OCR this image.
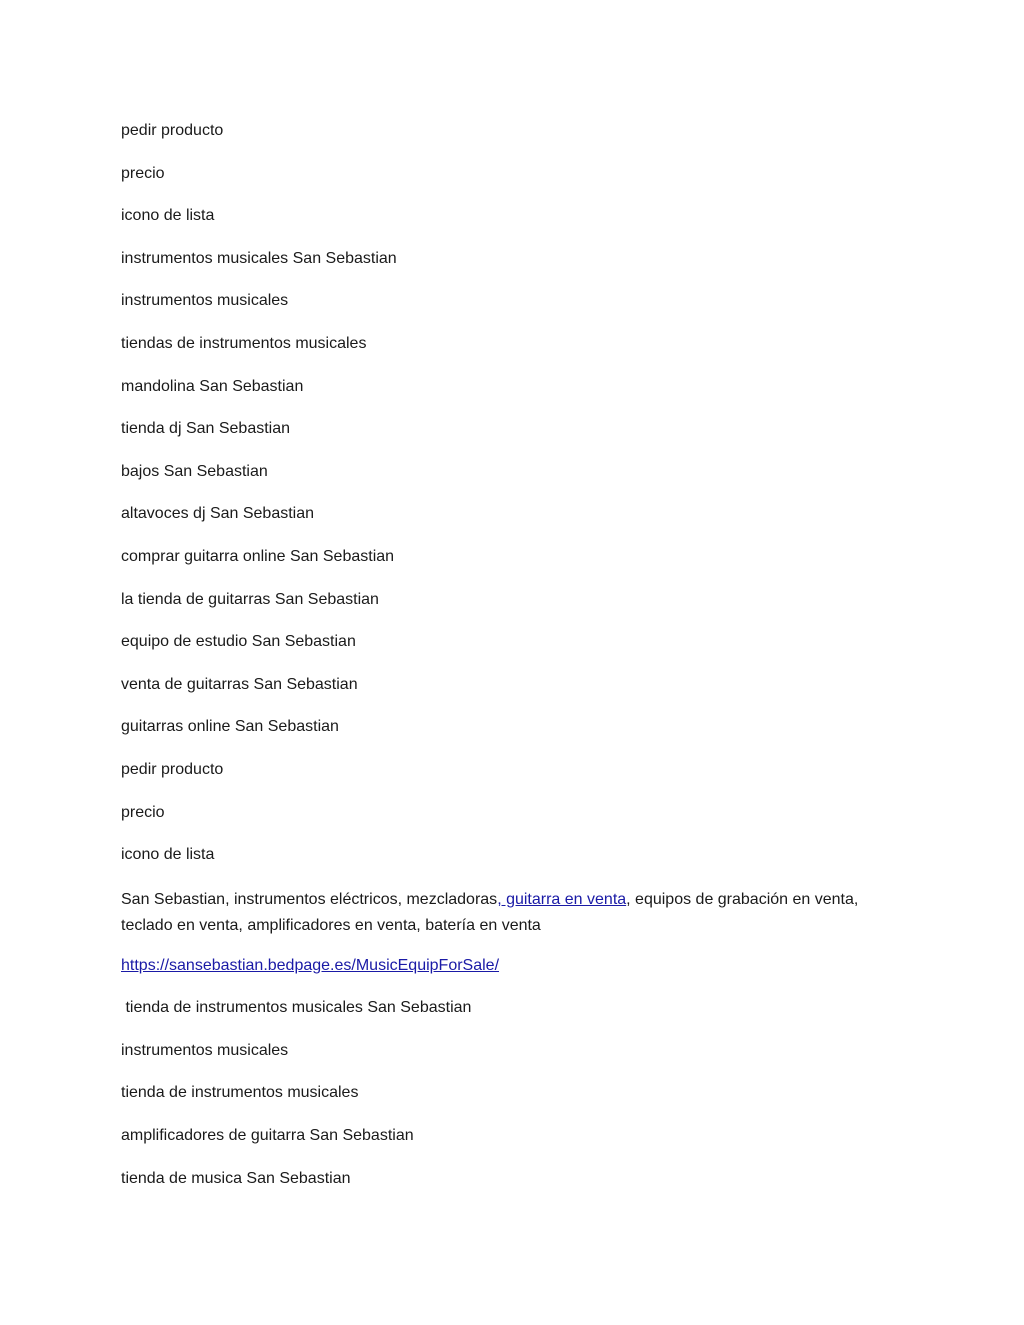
pedir producto
precio
icono de lista
instrumentos musicales San Sebastian
instrumentos musicales
tiendas de instrumentos musicales
mandolina San Sebastian
tienda dj San Sebastian
bajos San Sebastian
altavoces dj San Sebastian
comprar guitarra online San Sebastian
la tienda de guitarras San Sebastian
equipo de estudio San Sebastian
venta de guitarras San Sebastian
guitarras online San Sebastian
pedir producto
precio
icono de lista
San Sebastian, instrumentos eléctricos, mezcladoras, guitarra en venta, equipos de grabación en venta, teclado en venta, amplificadores en venta, batería en venta
https://sansebastian.bedpage.es/MusicEquipForSale/
tienda de instrumentos musicales San Sebastian
instrumentos musicales
tienda de instrumentos musicales
amplificadores de guitarra San Sebastian
tienda de musica San Sebastian
